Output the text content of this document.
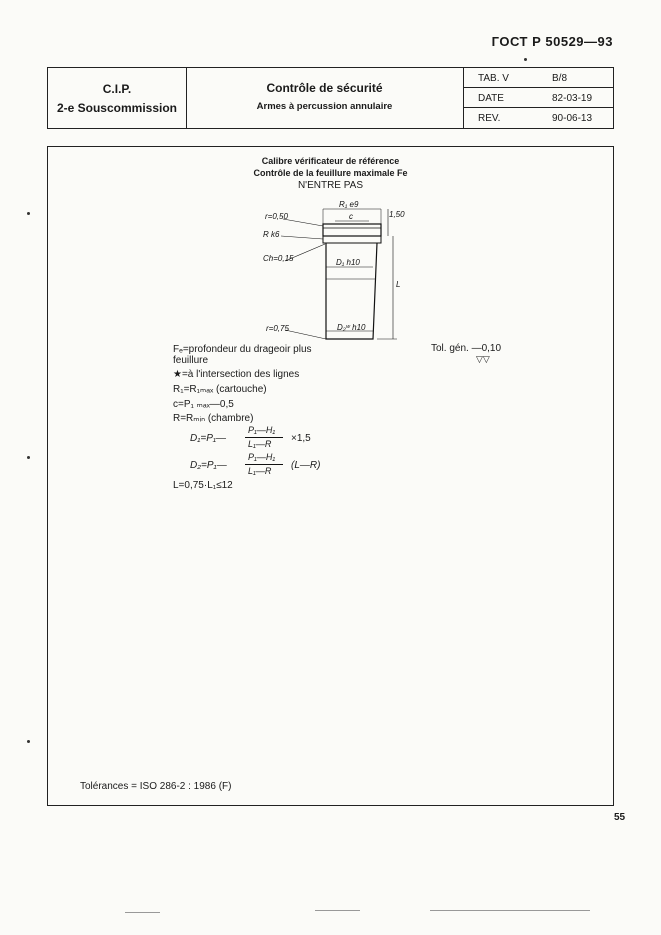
ГОСТ Р 50529—93
C.I.P.
2-e Souscommission
Contrôle de sécurité
Armes à percussion annulaire
TAB. V	B/8
DATE	82-03-19
REV.	90-06-13
Calibre vérificateur de référence
Contrôle de la feuillure maximale Fe
N'ENTRE PAS
r=0,50
R k6
Ch=0,15
r=0,75
R₁ e9
c
D₁ h10
D₂ʷ h10
1,50
L
Fₑ=profondeur du drageoir plus
feuillure
★=à l'intersection des lignes
R₁=R₁ₘₐₓ (cartouche)
c=P₁ ₘₐₓ—0,5
R=Rₘᵢₙ (chambre)
D₁=P₁—
P₁—H₁
L₁—R ×1,5
D₂=P₁—
P₁—H₁
L₁—R (L—R)
L=0,75·L₁≤12
Tol. gén. —0,10
▽▽
Tolérances = ISO 286-2 : 1986 (F)
55
